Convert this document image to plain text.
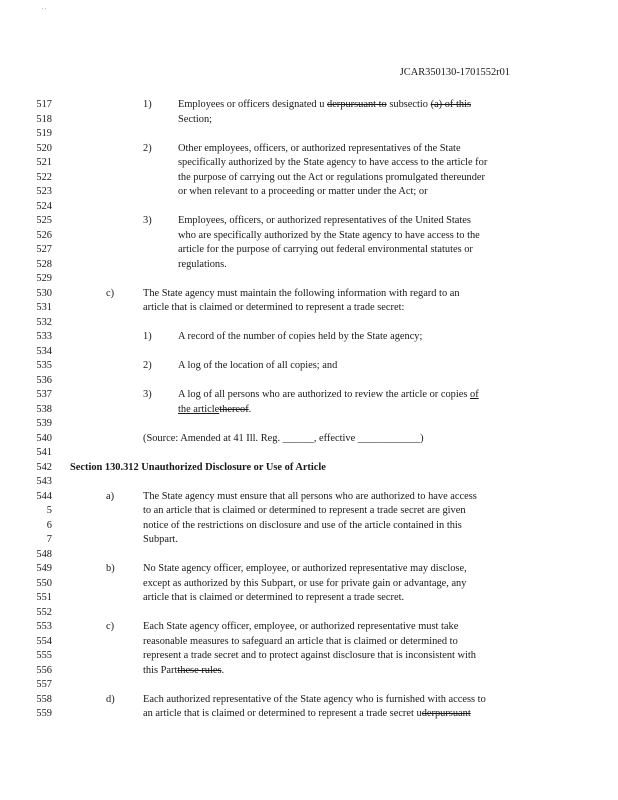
' '
JCAR350130-1701552r01
517	1)	Employees or officers designated u derpursuant to subsectio (a) of this
518	Section;
519
520	2)	Other employees, officers, or authorized representatives of the State
521	specifically authorized by the State agency to have access to the article for
522	the purpose of carrying out the Act or regulations promulgated thereunder
523	or when relevant to a proceeding or matter under the Act; or
524
525	3)	Employees, officers, or authorized representatives of the United States
526	who are specifically authorized by the State agency to have access to the
527	article for the purpose of carrying out federal environmental statutes or
528	regulations.
529
530	c)	The State agency must maintain the following information with regard to an
531	article that is claimed or determined to represent a trade secret:
532
533	1)	A record of the number of copies held by the State agency;
534
535	2)	A log of the location of all copies; and
536
537	3)	A log of all persons who are authorized to review the article or copies of
538	the articlethereof.
539
540	(Source: Amended at 41 Ill. Reg. ______, effective ____________)
541
542 Section 130.312 Unauthorized Disclosure or Use of Article
543
544	a)	The State agency must ensure that all persons who are authorized to have access
5	to an article that is claimed or determined to represent a trade secret are given
6	notice of the restrictions on disclosure and use of the article contained in this
7	Subpart.
548
549	b)	No State agency officer, employee, or authorized representative may disclose,
550	except as authorized by this Subpart, or use for private gain or advantage, any
551	article that is claimed or determined to represent a trade secret.
552
553	c)	Each State agency officer, employee, or authorized representative must take
554	reasonable measures to safeguard an article that is claimed or determined to
555	represent a trade secret and to protect against disclosure that is inconsistent with
556	this Partthese rules.
557
558	d)	Each authorized representative of the State agency who is furnished with access to
559	an article that is claimed or determined to represent a trade secret uderpursuant
